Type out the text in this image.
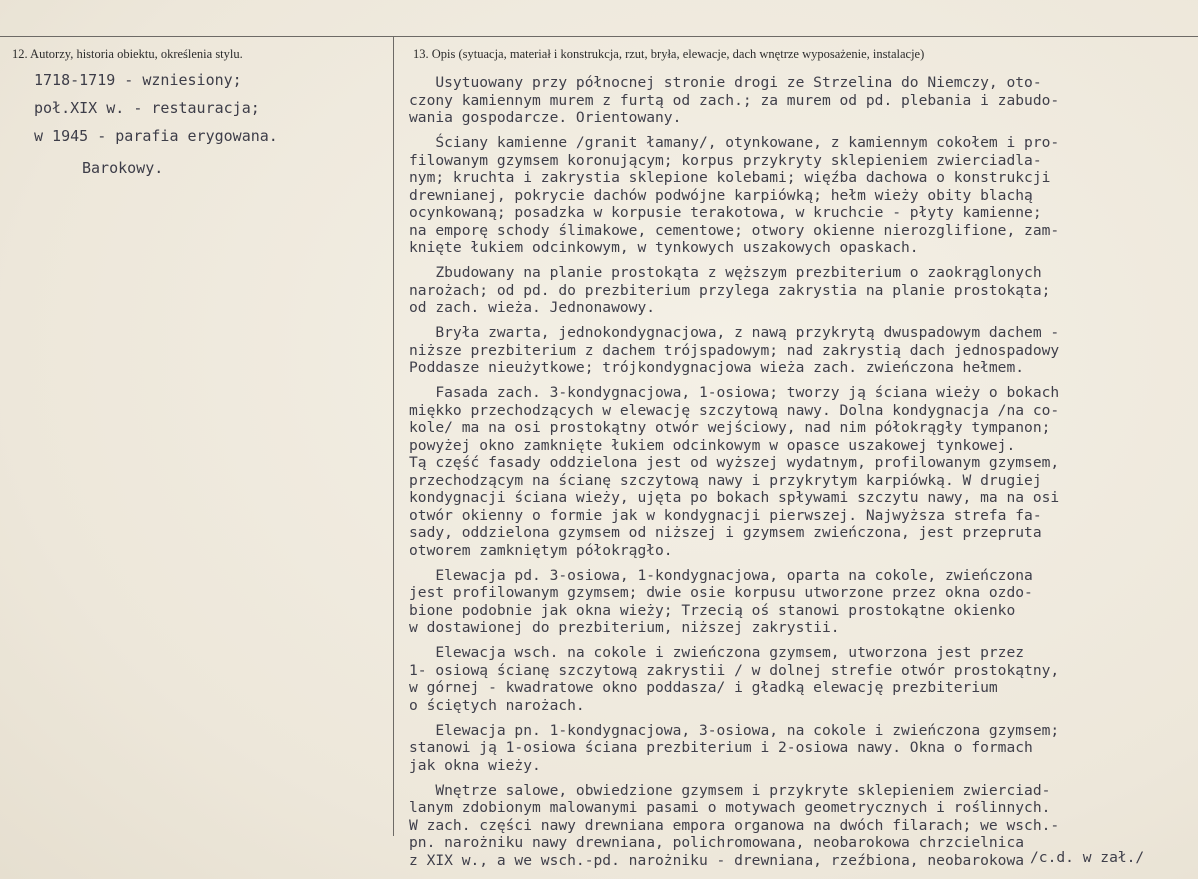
12. Autorzy, historia obiektu, określenia stylu.	13. Opis (sytuacja, materiał i konstrukcja, rzut, bryła, elewacje, dach wnętrze wyposażenie, instalacje)
1718-1719 - wzniesiony;
poł.XIX w. - restauracja;
w 1945 - parafia erygowana.
Barokowy.
Usytuowany przy północnej stronie drogi ze Strzelina do Niemczy, oto-
czony kamiennym murem z furtą od zach.; za murem od pd. plebania i zabudo-
wania gospodarcze. Orientowany.
Ściany kamienne /granit łamany/, otynkowane, z kamiennym cokołem i pro-
filowanym gzymsem koronującym; korpus przykryty sklepieniem zwierciadla-
nym; kruchta i zakrystia sklepione kolebami; więźba dachowa o konstrukcji
drewnianej, pokrycie dachów podwójne karpiówką; hełm wieży obity blachą
ocynkowaną; posadzka w korpusie terakotowa, w kruchcie - płyty kamienne;
na emporę schody ślimakowe, cementowe; otwory okienne nierozglifione, zam-
knięte łukiem odcinkowym, w tynkowych uszakowych opaskach.
Zbudowany na planie prostokąta z węższym prezbiterium o zaokrąglonych
narożach; od pd. do prezbiterium przylega zakrystia na planie prostokąta;
od zach. wieża. Jednonawowy.
Bryła zwarta, jednokondygnacjowa, z nawą przykrytą dwuspadowym dachem -
niższe prezbiterium z dachem trójspadowym; nad zakrystią dach jednospadowy
Poddasze nieużytkowe; trójkondygnacjowa wieża zach. zwieńczona hełmem.
Fasada zach. 3-kondygnacjowa, 1-osiowa; tworzy ją ściana wieży o bokach
miękko przechodzących w elewację szczytową nawy. Dolna kondygnacja /na co-
kole/ ma na osi prostokątny otwór wejściowy, nad nim półokrągły tympanon;
powyżej okno zamknięte łukiem odcinkowym w opasce uszakowej tynkowej.
Tą część fasady oddzielona jest od wyższej wydatnym, profilowanym gzymsem,
przechodzącym na ścianę szczytową nawy i przykrytym karpiówką. W drugiej
kondygnacji ściana wieży, ujęta po bokach spływami szczytu nawy, ma na osi
otwór okienny o formie jak w kondygnacji pierwszej. Najwyższa strefa fa-
sady, oddzielona gzymsem od niższej i gzymsem zwieńczona, jest przepruta
otworem zamkniętym półokrągło.
Elewacja pd. 3-osiowa, 1-kondygnacjowa, oparta na cokole, zwieńczona
jest profilowanym gzymsem; dwie osie korpusu utworzone przez okna ozdo-
bione podobnie jak okna wieży; Trzecią oś stanowi prostokątne okienko
w dostawionej do prezbiterium, niższej zakrystii.
Elewacja wsch. na cokole i zwieńczona gzymsem, utworzona jest przez
1- osiową ścianę szczytową zakrystii / w dolnej strefie otwór prostokątny,
w górnej - kwadratowe okno poddasza/ i gładką elewację prezbiterium
o ściętych narożach.
Elewacja pn. 1-kondygnacjowa, 3-osiowa, na cokole i zwieńczona gzymsem;
stanowi ją 1-osiowa ściana prezbiterium i 2-osiowa nawy. Okna o formach
jak okna wieży.
Wnętrze salowe, obwiedzione gzymsem i przykryte sklepieniem zwierciad-
lanym zdobionym malowanymi pasami o motywach geometrycznych i roślinnych.
W zach. części nawy drewniana empora organowa na dwóch filarach; we wsch.-
pn. narożniku nawy drewniana, polichromowana, neobarokowa chrzcielnica
z XIX w., a we wsch.-pd. narożniku - drewniana, rzeźbiona, neobarokowa /c.d. w zał./
